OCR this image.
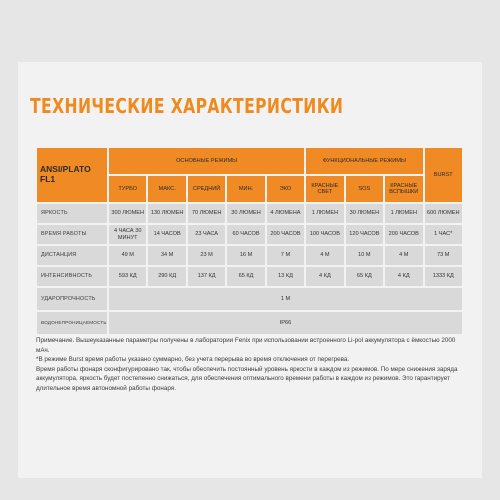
ТЕХНИЧЕСКИЕ ХАРАКТЕРИСТИКИ
ANSI/PLATO FL1	ОСНОВНЫЕ РЕЖИМЫ					ФУНКЦИОНАЛЬНЫЕ РЕЖИМЫ			BURST
	ТУРБО	МАКС.	СРЕДНИЙ	МИН.	ЭКО	КРАСНЫЕ СВЕТ	SOS	КРАСНЫЕ ВСПЫШКИ	
ЯРКОСТЬ	300 ЛЮМЕН	130 ЛЮМЕН	70 ЛЮМЕН	30 ЛЮМЕН	4 ЛЮМЕНА	1 ЛЮМЕН	30 ЛЮМЕН	1 ЛЮМЕН	600 ЛЮМЕН
ВРЕМЯ РАБОТЫ	4 ЧАСА 30 МИНУТ	14 ЧАСОВ	23 ЧАСА	60 ЧАСОВ	200 ЧАСОВ	100 ЧАСОВ	120 ЧАСОВ	200 ЧАСОВ	1 ЧАС*
ДИСТАНЦИЯ	49 М	34 М	23 М	16 М	7 М	4 М	10 М	4 М	73 М
ИНТЕНСИВНОСТЬ	593 КД	290 КД	137 КД	65 КД	13 КД	4 КД	65 КД	4 КД	1333 КД
УДАРОПРОЧНОСТЬ	1 М								
ВОДОНЕПРОНИЦАЕМОСТЬ	IP66								

Примечание. Вышеуказанные параметры получены в лаборатории Fenix при использовании встроенного Li-pol аккумулятора с ёмкостью 2000 мАч.

*В режиме Burst время работы указано суммарно, без учета перерыва во время отключения от перегрева.

Время работы фонаря сконфигурировано так, чтобы обеспечить постоянный уровень яркости в каждом из режимов. По мере снижения заряда аккумулятора, яркость будет постепенно снижаться, для обеспечения оптимального времени работы в каждом из режимов. Это гарантирует длительное время автономной работы фонаря.
